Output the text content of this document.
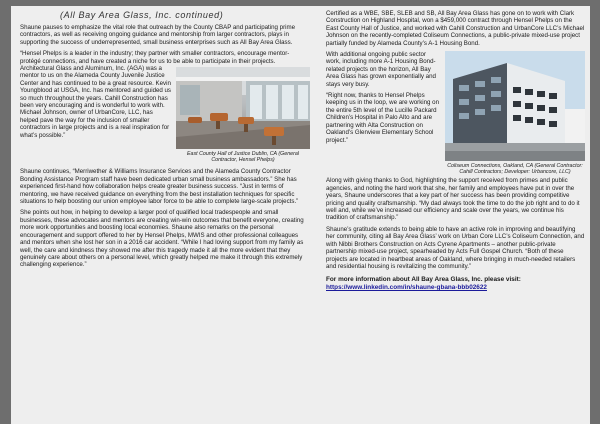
(All Bay Area Glass, Inc. continued)

Shaune pauses to emphasize the vital role that outreach by the County CBAP and participating prime contractors, as well as receiving ongoing guidance and mentorship from larger contractors, plays in supporting the success of underrepresented, small business enterprises such as All Bay Area Glass.

“Hensel Phelps is a leader in the industry; they partner with smaller contractors, encourage mentor-protégé connections, and have created a niche for us to be able to participate in their projects.

East County Hall of Justice Dublin, CA (General Contractor, Hensel Phelps)

Architectural Glass and Aluminum, Inc. (AGA) was a mentor to us on the Alameda County Juvenile Justice Center and has continued to be a great resource. Kevin Youngblood at USGA, Inc. has mentored and guided us so much throughout the years. Cahill Construction has been very encouraging and is wonderful to work with. Michael Johnson, owner of UrbanCore, LLC, has helped pave the way for the inclusion of smaller contractors in large projects and is a real inspiration for what’s possible.”

Shaune continues, “Merriwether & Williams Insurance Services and the Alameda County Contractor Bonding Assistance Program staff have been dedicated urban small business ambassadors.” She has experienced first-hand how collaboration helps create greater business success. “Just in terms of mentoring, we have received guidance on everything from the best installation techniques for specific situations to help boosting our union employee labor force to be able to complete large-scale projects.”

She points out how, in helping to develop a larger pool of qualified local tradespeople and small businesses, these advocates and mentors are creating win-win outcomes that benefit everyone, creating more work opportunities and boosting local economies. Shaune also remarks on the personal encouragement and support offered to her by Hensel Phelps, MWIS and other professional colleagues and mentors when she lost her son in a 2016 car accident. “While I had loving support from my family as well, the care and kindness they showed me after this tragedy made it all the more evident that they genuinely care about others on a personal level, which greatly helped me make it through this extremely challenging experience.”

Certified as a WBE, SBE, SLEB and SB, All Bay Area Glass has gone on to work with Clark Construction on Highland Hospital, won a $459,000 contract through Hensel Phelps on the East County Hall of Justice, and worked with Cahill Construction and UrbanCore LLC’s Michael Johnson on the recently-completed Coliseum Connections, a public-private mixed-use project partially funded by Alameda County’s A-1 Housing Bond.

Coliseum Connections, Oakland, CA (General Contractor: Cahill Contractors; Developer: Urbancore, LLC)

With additional ongoing public sector work, including more A-1 Housing Bond-related projects on the horizon, All Bay Area Glass has grown exponentially and stays very busy.

“Right now, thanks to Hensel Phelps keeping us in the loop, we are working on the entire 5th level of the Lucille Packard Children’s Hospital in Palo Alto and are partnering with Alta Construction on Oakland’s Glenview Elementary School project.”

Along with giving thanks to God, highlighting the support received from primes and public agencies, and noting the hard work that she, her family and employees have put in over the years, Shaune underscores that a key part of her success has been providing competitive pricing and quality craftsmanship. “My dad always took the time to do the job right and to do it well and, while we’ve increased our efficiency and scale over the years, we continue his tradition of craftsmanship.”

Shaune’s gratitude extends to being able to have an active role in improving and beautifying her community, citing all Bay Area Glass’ work on Urban Core LLC’s Coliseum Connection, and with Nibbi Brothers Construction on Acts Cyrene Apartments – another public-private partnership mixed-use project, spearheaded by Acts Full Gospel Church. “Both of these projects are located in heartbeat areas of Oakland, where bringing in much-needed retailers and residential housing is revitalizing the community.”

For more information about All Bay Area Glass, Inc. please visit:
https://www.linkedin.com/in/shaune-gbana-bbb02622
